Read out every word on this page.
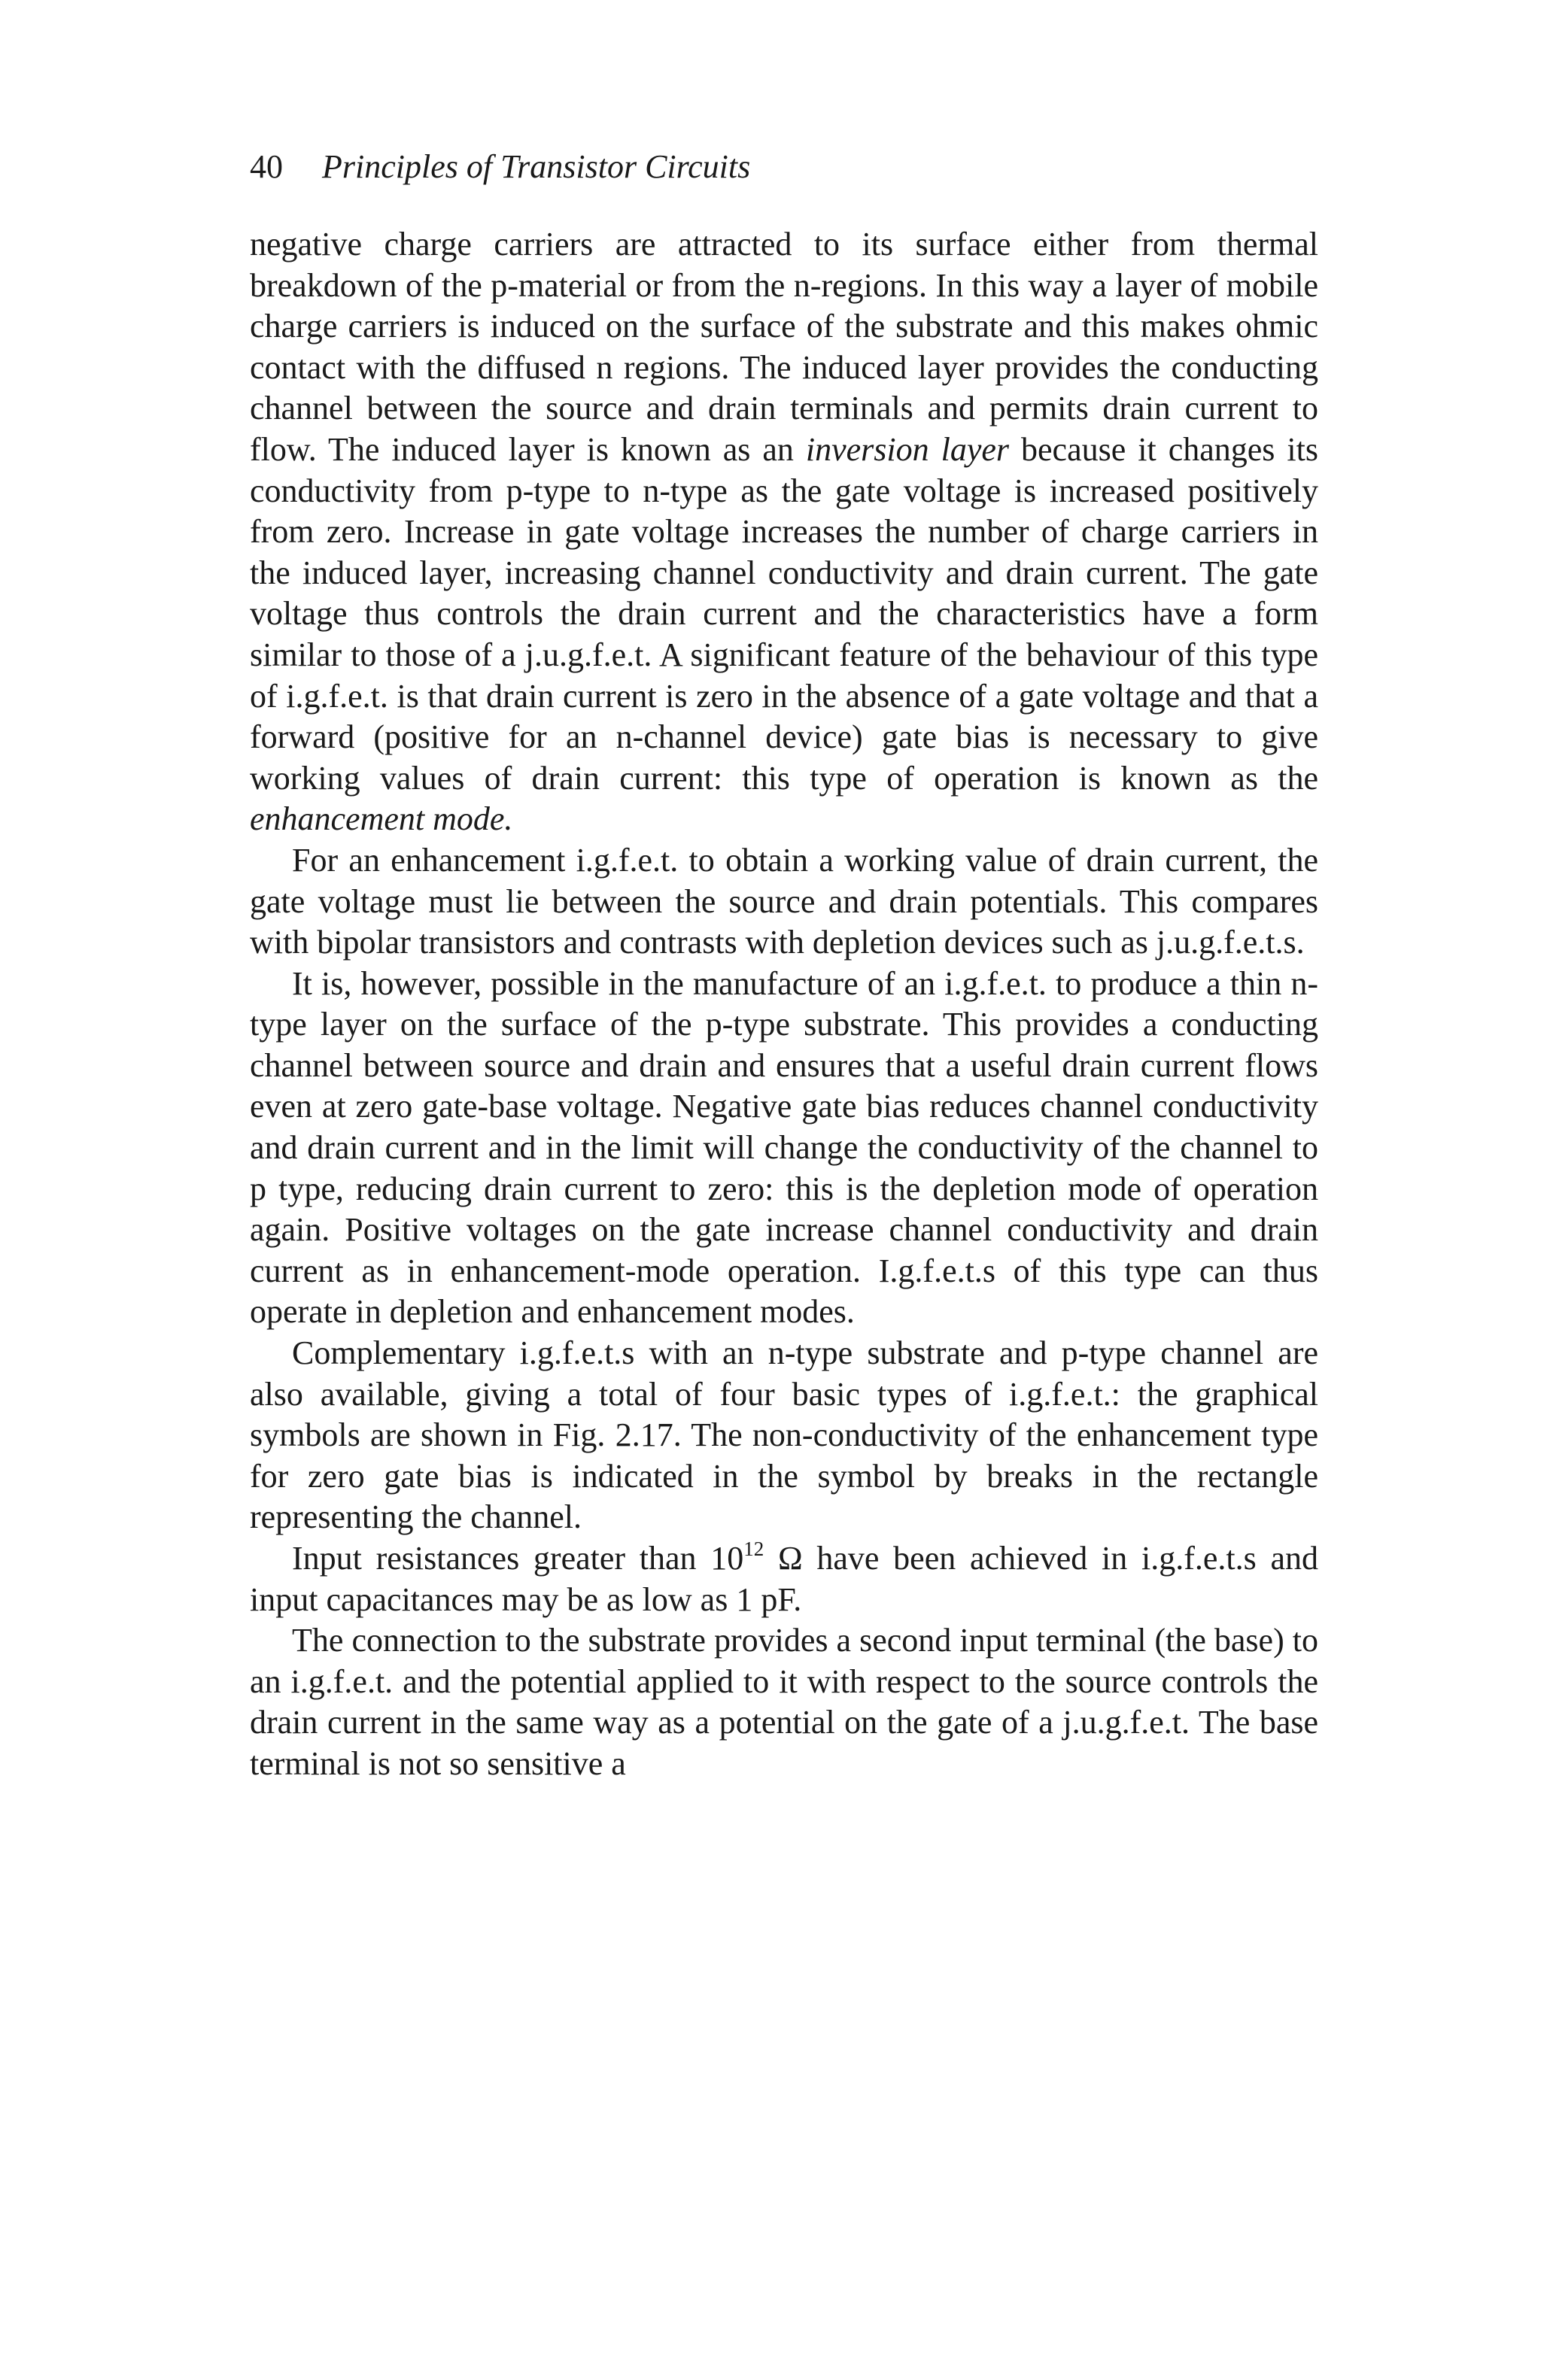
40 Principles of Transistor Circuits

negative charge carriers are attracted to its surface either from thermal breakdown of the p-material or from the n-regions. In this way a layer of mobile charge carriers is induced on the surface of the substrate and this makes ohmic contact with the diffused n regions. The induced layer provides the conducting channel between the source and drain terminals and permits drain current to flow. The induced layer is known as an inversion layer because it changes its conductivity from p-type to n-type as the gate voltage is increased positively from zero. Increase in gate voltage increases the number of charge carriers in the induced layer, increasing channel conductivity and drain current. The gate voltage thus controls the drain current and the characteristics have a form similar to those of a j.u.g.f.e.t. A significant feature of the behaviour of this type of i.g.f.e.t. is that drain current is zero in the absence of a gate voltage and that a forward (positive for an n-channel device) gate bias is necessary to give working values of drain current: this type of operation is known as the enhancement mode.

For an enhancement i.g.f.e.t. to obtain a working value of drain current, the gate voltage must lie between the source and drain potentials. This compares with bipolar transistors and contrasts with depletion devices such as j.u.g.f.e.t.s.

It is, however, possible in the manufacture of an i.g.f.e.t. to produce a thin n-type layer on the surface of the p-type substrate. This provides a conducting channel between source and drain and ensures that a useful drain current flows even at zero gate-base voltage. Negative gate bias reduces channel conductivity and drain current and in the limit will change the conductivity of the channel to p type, reducing drain current to zero: this is the depletion mode of operation again. Positive voltages on the gate increase channel conductivity and drain current as in enhancement-mode operation. I.g.f.e.t.s of this type can thus operate in depletion and enhancement modes.

Complementary i.g.f.e.t.s with an n-type substrate and p-type channel are also available, giving a total of four basic types of i.g.f.e.t.: the graphical symbols are shown in Fig. 2.17. The non-conductivity of the enhancement type for zero gate bias is indicated in the symbol by breaks in the rectangle representing the channel.

Input resistances greater than $10^{12}$ Ω have been achieved in i.g.f.e.t.s and input capacitances may be as low as 1 pF.

The connection to the substrate provides a second input terminal (the base) to an i.g.f.e.t. and the potential applied to it with respect to the source controls the drain current in the same way as a potential on the gate of a j.u.g.f.e.t. The base terminal is not so sensitive a
